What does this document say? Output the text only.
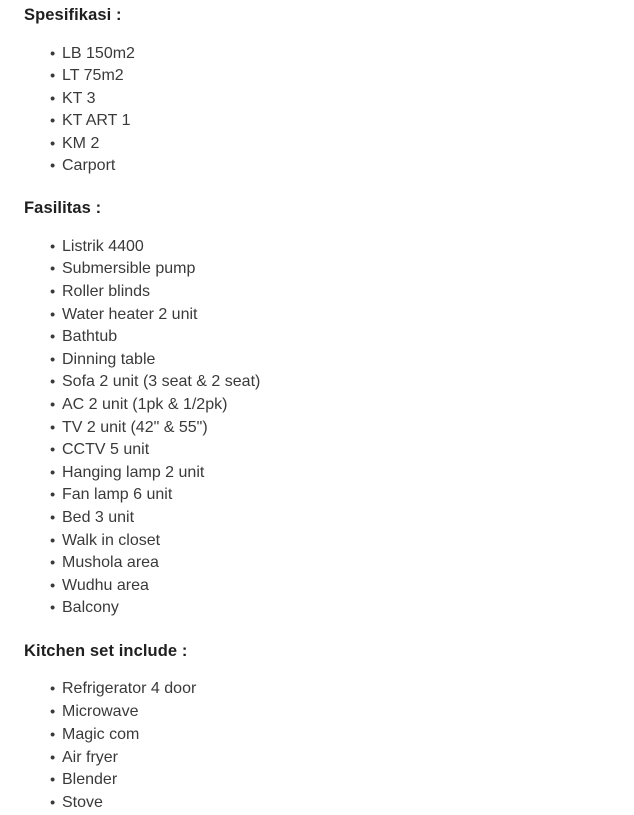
Spesifikasi :
• LB 150m2
• LT 75m2
• KT 3
• KT ART 1
• KM 2
• Carport
Fasilitas :
• Listrik 4400
• Submersible pump
• Roller blinds
• Water heater 2 unit
• Bathtub
• Dinning table
• Sofa 2 unit (3 seat & 2 seat)
• AC 2 unit (1pk & 1/2pk)
• TV 2 unit (42" & 55")
• CCTV 5 unit
• Hanging lamp 2 unit
• Fan lamp 6 unit
• Bed 3 unit
• Walk in closet
• Mushola area
• Wudhu area
• Balcony
Kitchen set include :
• Refrigerator 4 door
• Microwave
• Magic com
• Air fryer
• Blender
• Stove
